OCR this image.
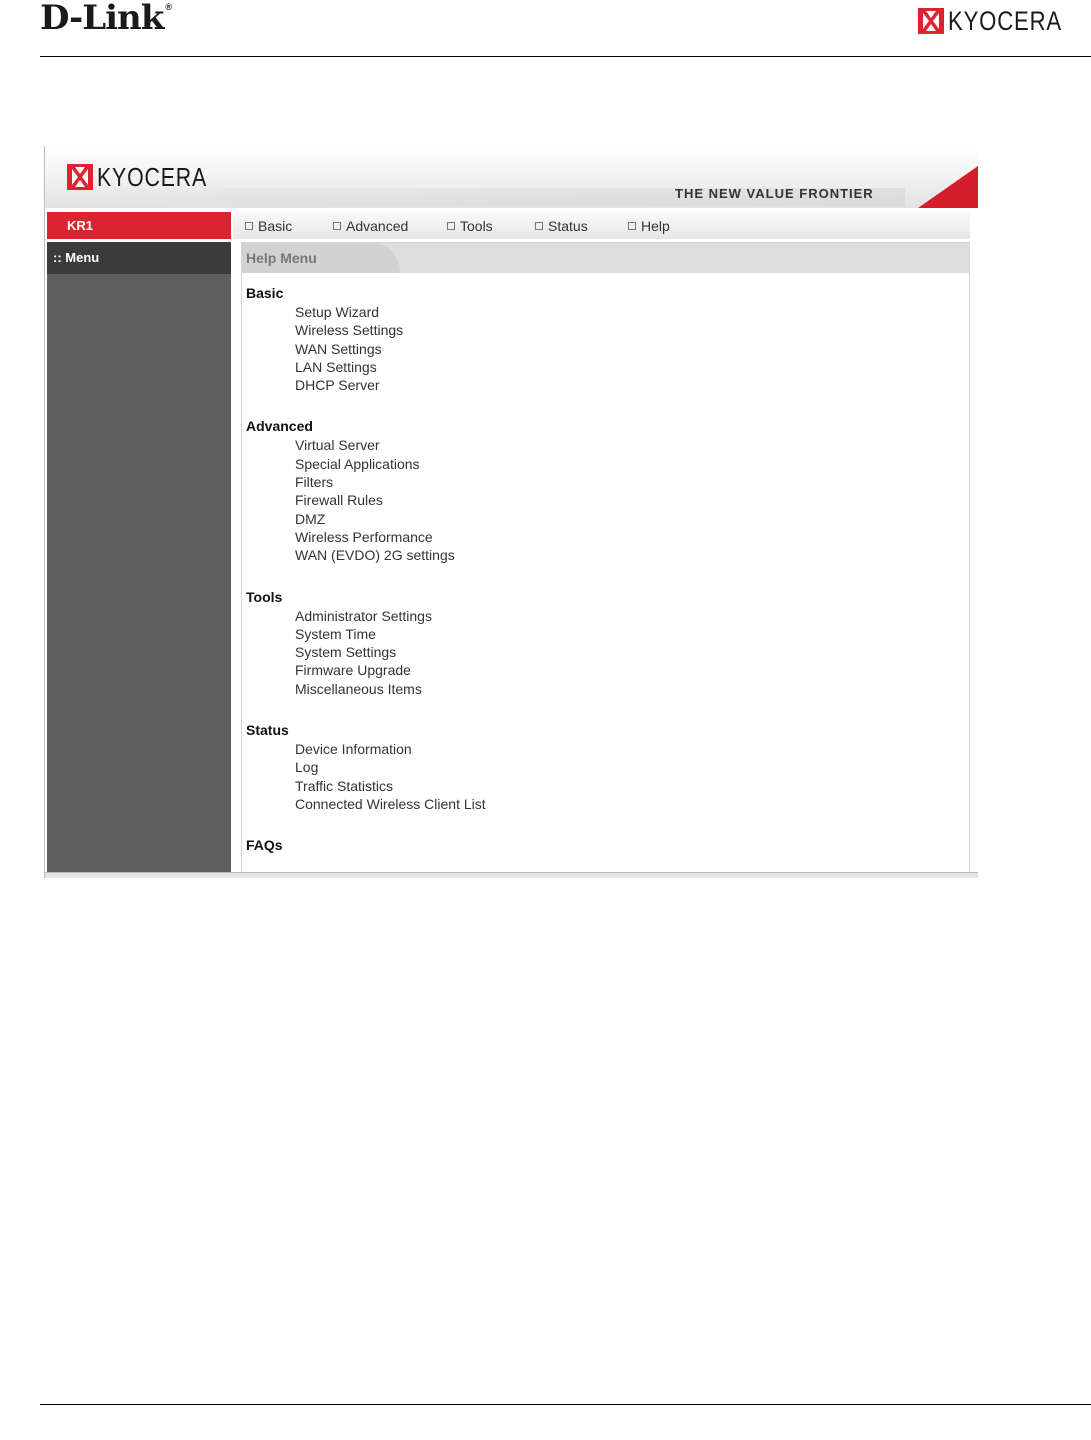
D-Link ®	KYOCERA
KYOCERA
THE NEW VALUE FRONTIER
KR1	Basic	Advanced	Tools	Status	Help
:: Menu	Help Menu
Basic
Setup Wizard
Wireless Settings
WAN Settings
LAN Settings
DHCP Server
Advanced
Virtual Server
Special Applications
Filters
Firewall Rules
DMZ
Wireless Performance
WAN (EVDO) 2G settings
Tools
Administrator Settings
System Time
System Settings
Firmware Upgrade
Miscellaneous Items
Status
Device Information
Log
Traffic Statistics
Connected Wireless Client List
FAQs
